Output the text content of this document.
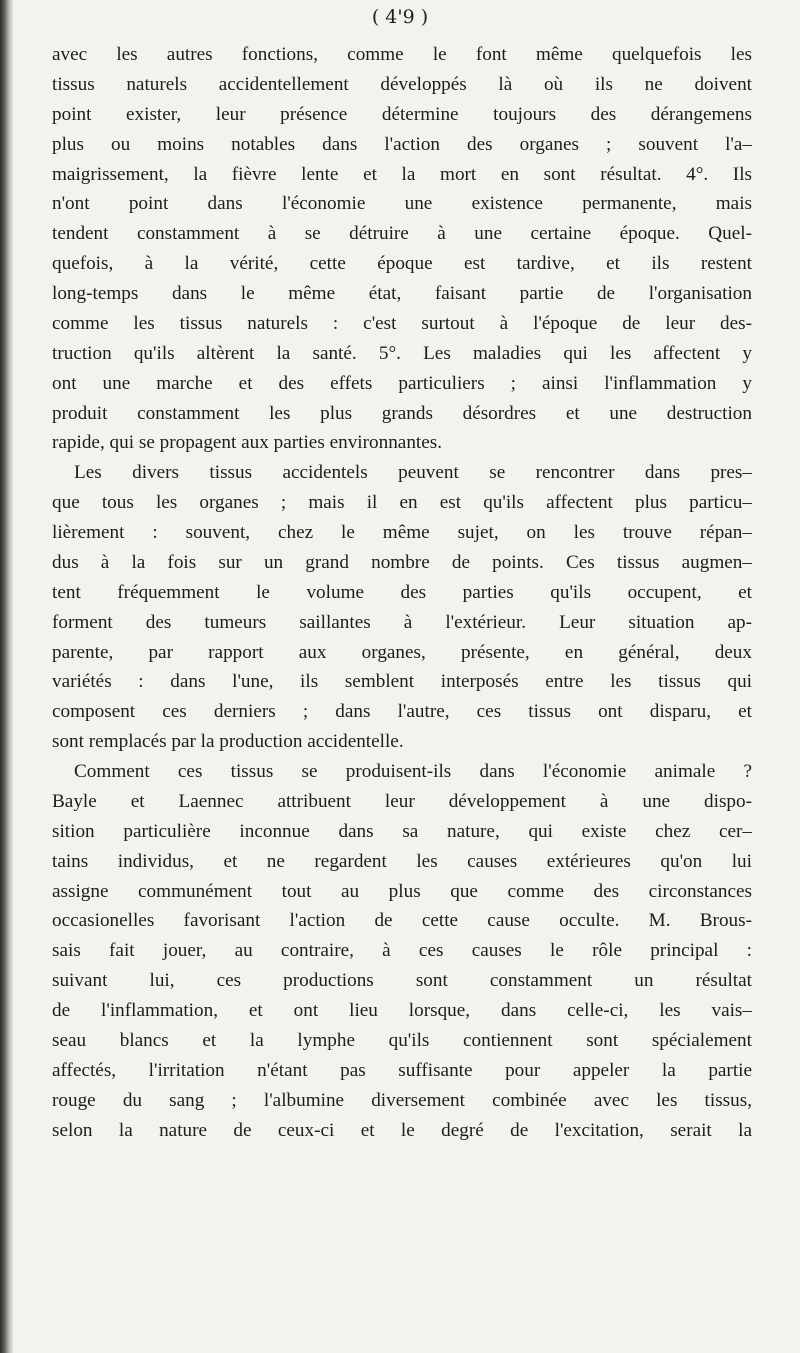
( 4'9 )
avec les autres fonctions, comme le font même quelquefois les
tissus naturels accidentellement développés là où ils ne doivent
point exister, leur présence détermine toujours des dérangemens
plus ou moins notables dans l'action des organes ; souvent l'a–
maigrissement, la fièvre lente et la mort en sont résultat. 4°. Ils
n'ont point dans l'économie une existence permanente, mais
tendent constamment à se détruire à une certaine époque. Quel-
quefois, à la vérité, cette époque est tardive, et ils restent
long-temps dans le même état, faisant partie de l'organisation
comme les tissus naturels : c'est surtout à l'époque de leur des-
truction qu'ils altèrent la santé. 5°. Les maladies qui les affectent y
ont une marche et des effets particuliers ; ainsi l'inflammation y
produit constamment les plus grands désordres et une destruction
rapide, qui se propagent aux parties environnantes.
Les divers tissus accidentels peuvent se rencontrer dans pres–
que tous les organes ; mais il en est qu'ils affectent plus particu–
lièrement : souvent, chez le même sujet, on les trouve répan–
dus à la fois sur un grand nombre de points. Ces tissus augmen–
tent fréquemment le volume des parties qu'ils occupent, et
forment des tumeurs saillantes à l'extérieur. Leur situation ap-
parente, par rapport aux organes, présente, en général, deux
variétés : dans l'une, ils semblent interposés entre les tissus qui
composent ces derniers ; dans l'autre, ces tissus ont disparu, et
sont remplacés par la production accidentelle.
Comment ces tissus se produisent-ils dans l'économie animale ?
Bayle et Laennec attribuent leur développement à une dispo-
sition particulière inconnue dans sa nature, qui existe chez cer–
tains individus, et ne regardent les causes extérieures qu'on lui
assigne communément tout au plus que comme des circonstances
occasionelles favorisant l'action de cette cause occulte. M. Brous-
sais fait jouer, au contraire, à ces causes le rôle principal :
suivant lui, ces productions sont constamment un résultat
de l'inflammation, et ont lieu lorsque, dans celle-ci, les vais–
seau blancs et la lymphe qu'ils contiennent sont spécialement
affectés, l'irritation n'étant pas suffisante pour appeler la partie
rouge du sang ; l'albumine diversement combinée avec les tissus,
selon la nature de ceux-ci et le degré de l'excitation, serait la
